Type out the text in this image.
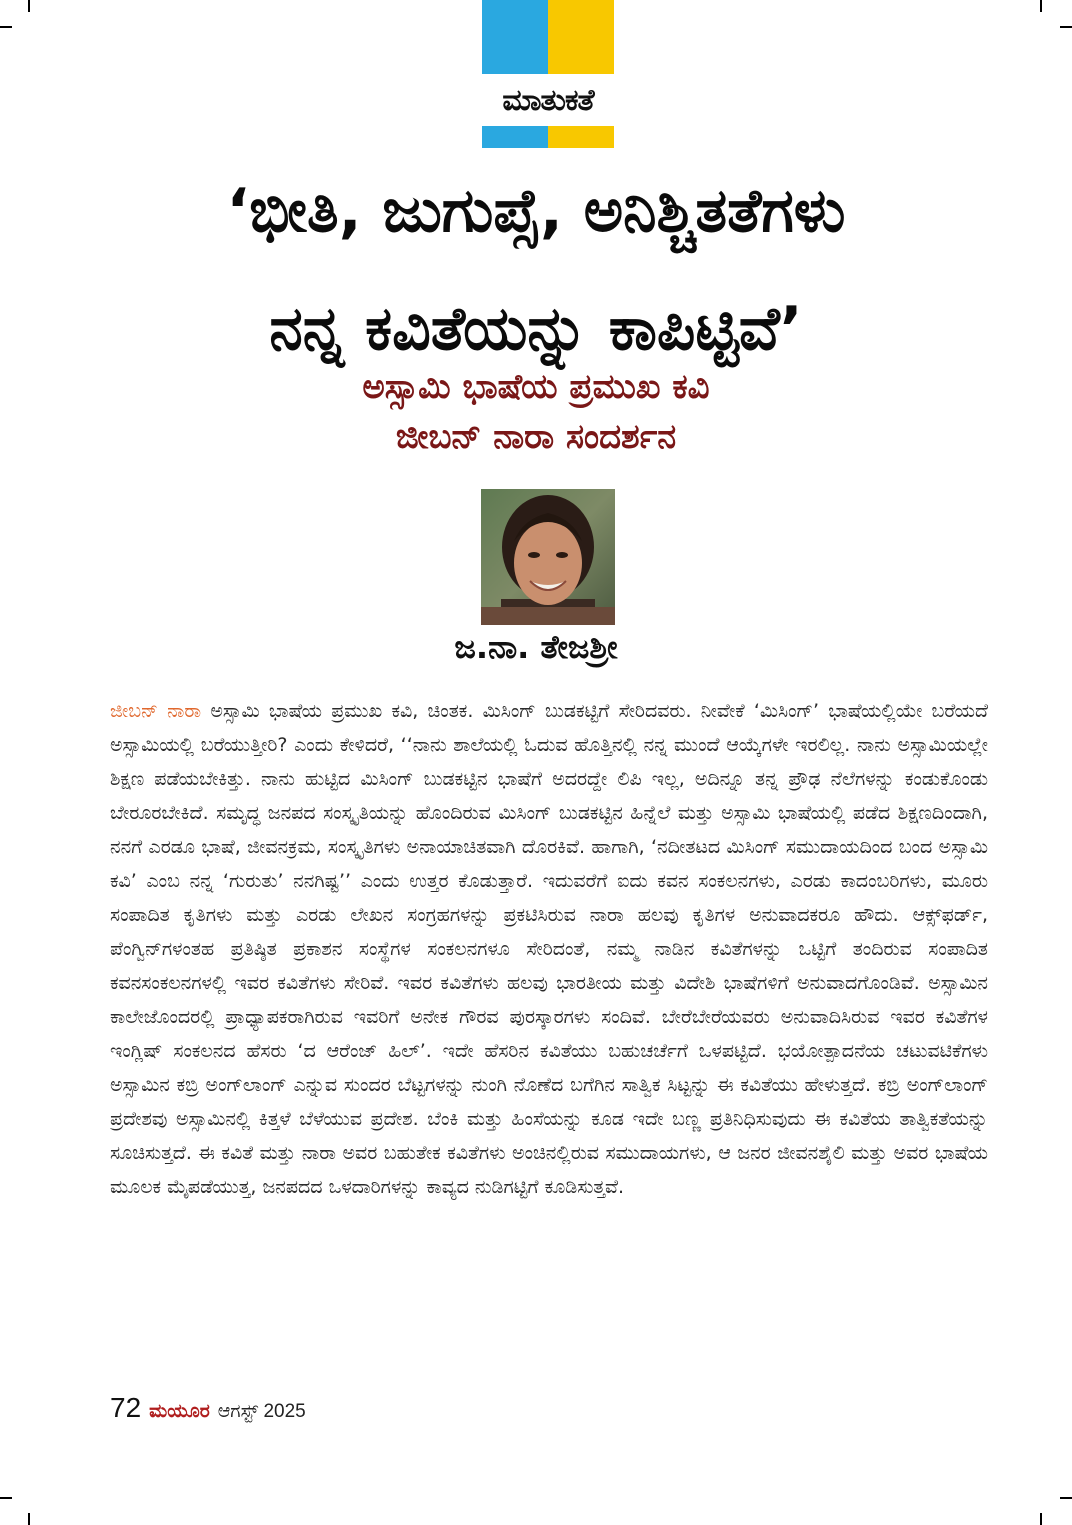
ಮಾತುಕತೆ
‘ಭೀತಿ, ಜುಗುಪ್ಸೆ, ಅನಿಶ್ಚಿತತೆಗಳು
ನನ್ನ ಕವಿತೆಯನ್ನು ಕಾಪಿಟ್ಟಿವೆ’
ಅಸ್ಸಾಮಿ ಭಾಷೆಯ ಪ್ರಮುಖ ಕವಿ
ಜೀಬನ್ ನಾರಾ ಸಂದರ್ಶನ
ಜ.ನಾ. ತೇಜಶ್ರೀ

ಜೀಬನ್ ನಾರಾ ಅಸ್ಸಾಮಿ ಭಾಷೆಯ ಪ್ರಮುಖ ಕವಿ, ಚಿಂತಕ. ಮಿಸಿಂಗ್ ಬುಡಕಟ್ಟಿಗೆ ಸೇರಿದವರು. ನೀವೇಕೆ ‘ಮಿಸಿಂಗ್’ ಭಾಷೆಯಲ್ಲಿಯೇ ಬರೆಯದೆ ಅಸ್ಸಾಮಿಯಲ್ಲಿ ಬರೆಯುತ್ತೀರಿ? ಎಂದು ಕೇಳಿದರೆ, ‘‘ನಾನು ಶಾಲೆಯಲ್ಲಿ ಓದುವ ಹೊತ್ತಿನಲ್ಲಿ ನನ್ನ ಮುಂದೆ ಆಯ್ಕೆಗಳೇ ಇರಲಿಲ್ಲ. ನಾನು ಅಸ್ಸಾಮಿಯಲ್ಲೇ ಶಿಕ್ಷಣ ಪಡೆಯಬೇಕಿತ್ತು. ನಾನು ಹುಟ್ಟಿದ ಮಿಸಿಂಗ್ ಬುಡಕಟ್ಟಿನ ಭಾಷೆಗೆ ಅದರದ್ದೇ ಲಿಪಿ ಇಲ್ಲ, ಅದಿನ್ನೂ ತನ್ನ ಪ್ರೌಢ ನೆಲೆಗಳನ್ನು ಕಂಡುಕೊಂಡು ಬೇರೂರಬೇಕಿದೆ. ಸಮೃದ್ಧ ಜನಪದ ಸಂಸ್ಕೃತಿಯನ್ನು ಹೊಂದಿರುವ ಮಿಸಿಂಗ್ ಬುಡಕಟ್ಟಿನ ಹಿನ್ನೆಲೆ ಮತ್ತು ಅಸ್ಸಾಮಿ ಭಾಷೆಯಲ್ಲಿ ಪಡೆದ ಶಿಕ್ಷಣದಿಂದಾಗಿ, ನನಗೆ ಎರಡೂ ಭಾಷೆ, ಜೀವನಕ್ರಮ, ಸಂಸ್ಕೃತಿಗಳು ಅನಾಯಾಚಿತವಾಗಿ ದೊರಕಿವೆ. ಹಾಗಾಗಿ, ‘ನದೀತಟದ ಮಿಸಿಂಗ್ ಸಮುದಾಯದಿಂದ ಬಂದ ಅಸ್ಸಾಮಿ ಕವಿ’ ಎಂಬ ನನ್ನ ‘ಗುರುತು’ ನನಗಿಷ್ಟ’’ ಎಂದು ಉತ್ತರ ಕೊಡುತ್ತಾರೆ. ಇದುವರೆಗೆ ಐದು ಕವನ ಸಂಕಲನಗಳು, ಎರಡು ಕಾದಂಬರಿಗಳು, ಮೂರು ಸಂಪಾದಿತ ಕೃತಿಗಳು ಮತ್ತು ಎರಡು ಲೇಖನ ಸಂಗ್ರಹಗಳನ್ನು ಪ್ರಕಟಿಸಿರುವ ನಾರಾ ಹಲವು ಕೃತಿಗಳ ಅನುವಾದಕರೂ ಹೌದು. ಆಕ್ಸ್‌ಫರ್ಡ್, ಪೆಂಗ್ವಿನ್‌ಗಳಂತಹ ಪ್ರತಿಷ್ಠಿತ ಪ್ರಕಾಶನ ಸಂಸ್ಥೆಗಳ ಸಂಕಲನಗಳೂ ಸೇರಿದಂತೆ, ನಮ್ಮ ನಾಡಿನ ಕವಿತೆಗಳನ್ನು ಒಟ್ಟಿಗೆ ತಂದಿರುವ ಸಂಪಾದಿತ ಕವನಸಂಕಲನಗಳಲ್ಲಿ ಇವರ ಕವಿತೆಗಳು ಸೇರಿವೆ. ಇವರ ಕವಿತೆಗಳು ಹಲವು ಭಾರತೀಯ ಮತ್ತು ವಿದೇಶಿ ಭಾಷೆಗಳಿಗೆ ಅನುವಾದಗೊಂಡಿವೆ. ಅಸ್ಸಾಮಿನ ಕಾಲೇಜೊಂದರಲ್ಲಿ ಪ್ರಾಧ್ಯಾಪಕರಾಗಿರುವ ಇವರಿಗೆ ಅನೇಕ ಗೌರವ ಪುರಸ್ಕಾರಗಳು ಸಂದಿವೆ. ಬೇರೆಬೇರೆಯವರು ಅನುವಾದಿಸಿರುವ ಇವರ ಕವಿತೆಗಳ ಇಂಗ್ಲಿಷ್ ಸಂಕಲನದ ಹೆಸರು ‘ದ ಆರೆಂಜ್ ಹಿಲ್’. ಇದೇ ಹೆಸರಿನ ಕವಿತೆಯು ಬಹುಚರ್ಚೆಗೆ ಒಳಪಟ್ಟಿದೆ. ಭಯೋತ್ಪಾದನೆಯ ಚಟುವಟಿಕೆಗಳು ಅಸ್ಸಾಮಿನ ಕಬ್ರಿ ಅಂಗ್‌ಲಾಂಗ್ ಎನ್ನುವ ಸುಂದರ ಬೆಟ್ಟಗಳನ್ನು ನುಂಗಿ ನೊಣೆದ ಬಗೆಗಿನ ಸಾತ್ವಿಕ ಸಿಟ್ಟನ್ನು ಈ ಕವಿತೆಯು ಹೇಳುತ್ತದೆ. ಕಬ್ರಿ ಅಂಗ್‌ಲಾಂಗ್ ಪ್ರದೇಶವು ಅಸ್ಸಾಮಿನಲ್ಲಿ ಕಿತ್ತಳೆ ಬೆಳೆಯುವ ಪ್ರದೇಶ. ಬೆಂಕಿ ಮತ್ತು ಹಿಂಸೆಯನ್ನು ಕೂಡ ಇದೇ ಬಣ್ಣ ಪ್ರತಿನಿಧಿಸುವುದು ಈ ಕವಿತೆಯ ತಾತ್ವಿಕತೆಯನ್ನು ಸೂಚಿಸುತ್ತದೆ. ಈ ಕವಿತೆ ಮತ್ತು ನಾರಾ ಅವರ ಬಹುತೇಕ ಕವಿತೆಗಳು ಅಂಚಿನಲ್ಲಿರುವ ಸಮುದಾಯಗಳು, ಆ ಜನರ ಜೀವನಶೈಲಿ ಮತ್ತು ಅವರ ಭಾಷೆಯ ಮೂಲಕ ಮೈಪಡೆಯುತ್ತ, ಜನಪದದ ಒಳದಾರಿಗಳನ್ನು ಕಾವ್ಯದ ನುಡಿಗಟ್ಟಿಗೆ ಕೂಡಿಸುತ್ತವೆ.

72 ಮಯೂರ ಆಗಸ್ಟ್ 2025
